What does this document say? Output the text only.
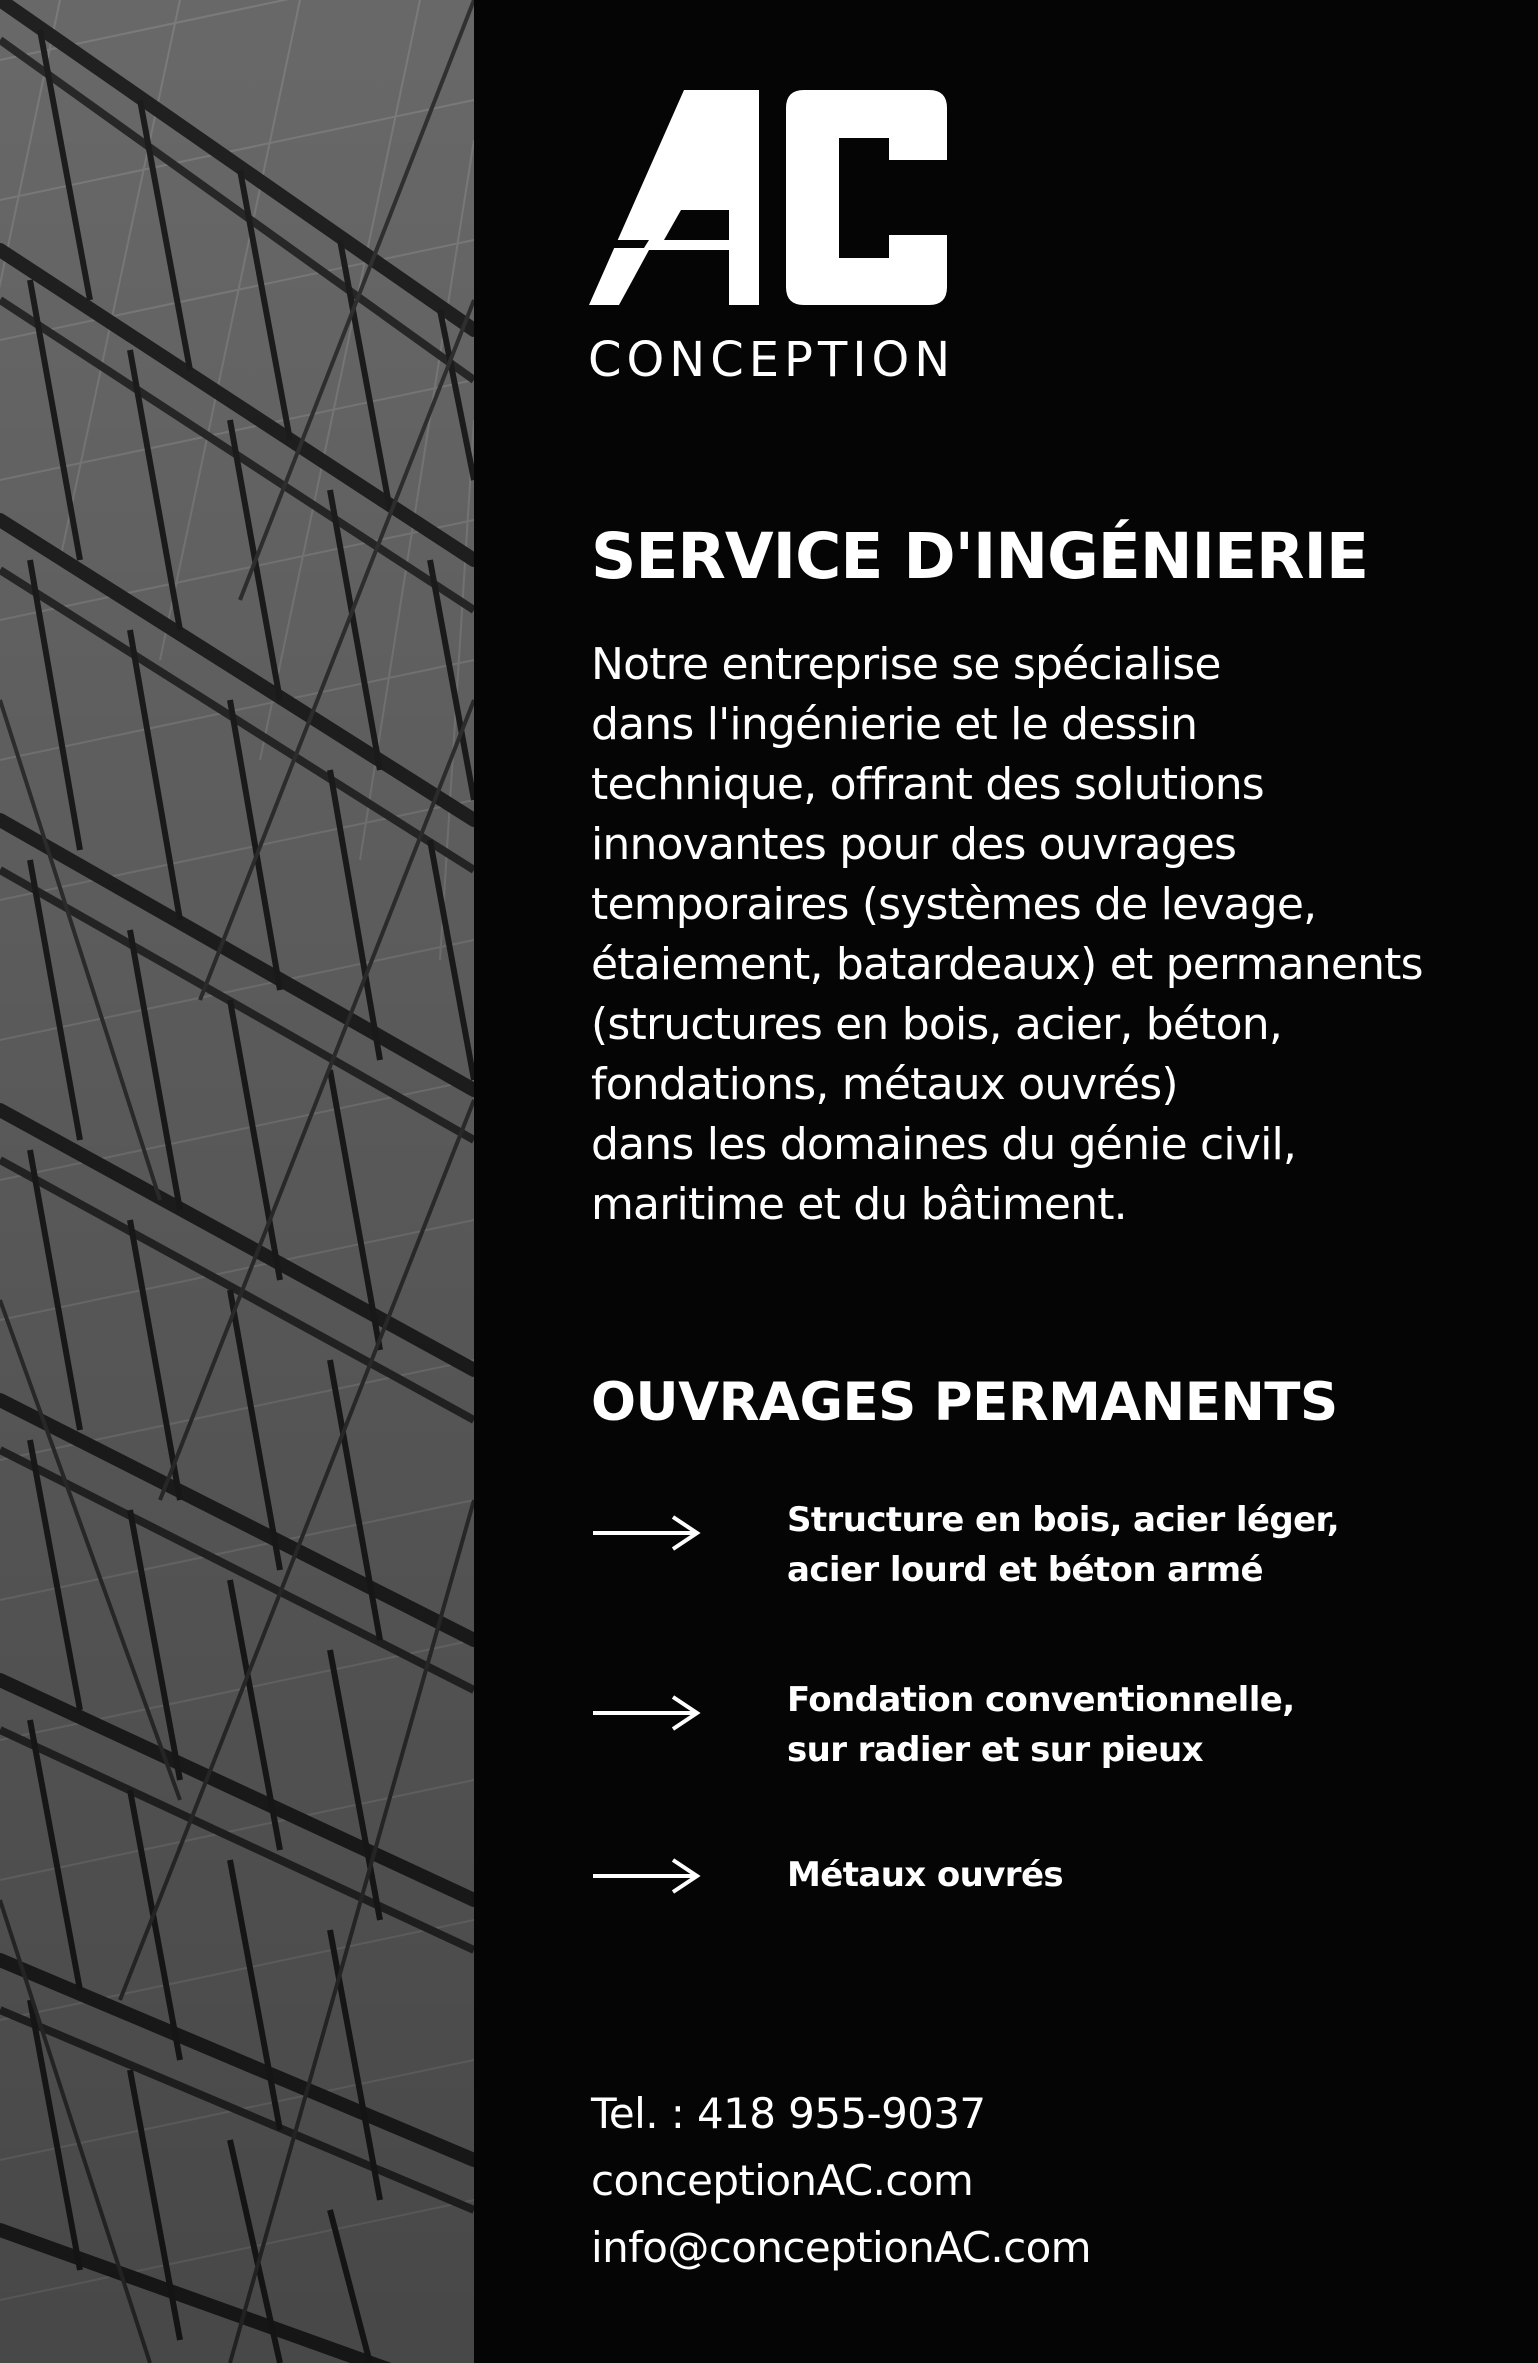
CONCEPTION
SERVICE D'INGÉNIERIE
Notre entreprise se spécialise
dans l'ingénierie et le dessin
technique, offrant des solutions
innovantes pour des ouvrages
temporaires (systèmes de levage,
étaiement, batardeaux) et permanents
(structures en bois, acier, béton,
fondations, métaux ouvrés)
dans les domaines du génie civil,
maritime et du bâtiment.
OUVRAGES PERMANENTS
Structure en bois, acier léger,
acier lourd et béton armé
Fondation conventionnelle,
sur radier et sur pieux
Métaux ouvrés
Tel. : 418 955-9037
conceptionAC.com
info@conceptionAC.com
